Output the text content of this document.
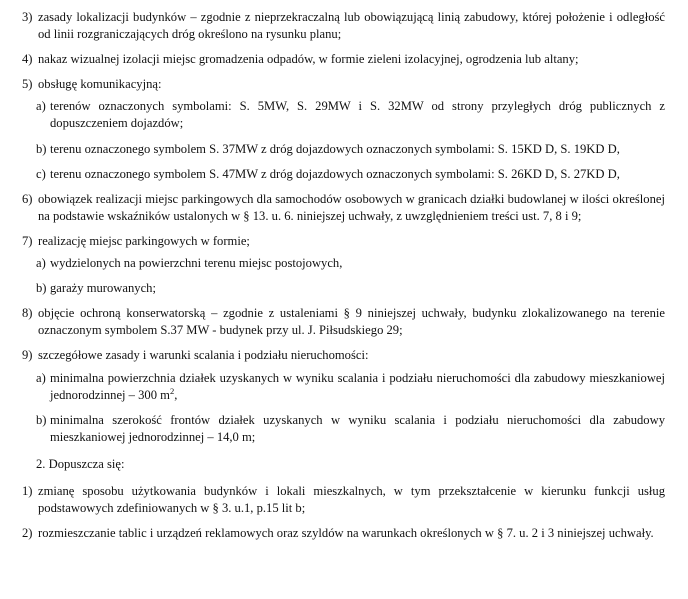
3) zasady lokalizacji budynków – zgodnie z nieprzekraczalną lub obowiązującą linią zabudowy, której położenie i odległość od linii rozgraniczających dróg określono na rysunku planu;
4) nakaz wizualnej izolacji miejsc gromadzenia odpadów, w formie zieleni izolacyjnej, ogrodzenia lub altany;
5) obsługę komunikacyjną:
a) terenów oznaczonych symbolami: S. 5MW, S. 29MW i S. 32MW od strony przyległych dróg publicznych z dopuszczeniem dojazdów;
b) terenu oznaczonego symbolem S. 37MW z dróg dojazdowych oznaczonych symbolami: S. 15KD D, S. 19KD D,
c) terenu oznaczonego symbolem S. 47MW z dróg dojazdowych oznaczonych symbolami: S. 26KD D, S. 27KD D,
6) obowiązek realizacji miejsc parkingowych dla samochodów osobowych w granicach działki budowlanej w ilości określonej na podstawie wskaźników ustalonych w § 13. u. 6. niniejszej uchwały, z uwzględnieniem treści ust. 7, 8 i 9;
7) realizację miejsc parkingowych w formie;
a) wydzielonych na powierzchni terenu miejsc postojowych,
b) garaży murowanych;
8) objęcie ochroną konserwatorską – zgodnie z ustaleniami § 9 niniejszej uchwały, budynku zlokalizowanego na terenie oznaczonym symbolem S.37 MW - budynek przy ul. J. Piłsudskiego 29;
9) szczegółowe zasady i warunki scalania i podziału nieruchomości:
a) minimalna powierzchnia działek uzyskanych w wyniku scalania i podziału nieruchomości dla zabudowy mieszkaniowej jednorodzinnej – 300 $m^2$,
b) minimalna szerokość frontów działek uzyskanych w wyniku scalania i podziału nieruchomości dla zabudowy mieszkaniowej jednorodzinnej – 14,0 m;
2. Dopuszcza się:
1) zmianę sposobu użytkowania budynków i lokali mieszkalnych, w tym przekształcenie w kierunku funkcji usług podstawowych zdefiniowanych w § 3. u.1, p.15 lit b;
2) rozmieszczanie tablic i urządzeń reklamowych oraz szyldów na warunkach określonych w § 7. u. 2 i 3 niniejszej uchwały.
